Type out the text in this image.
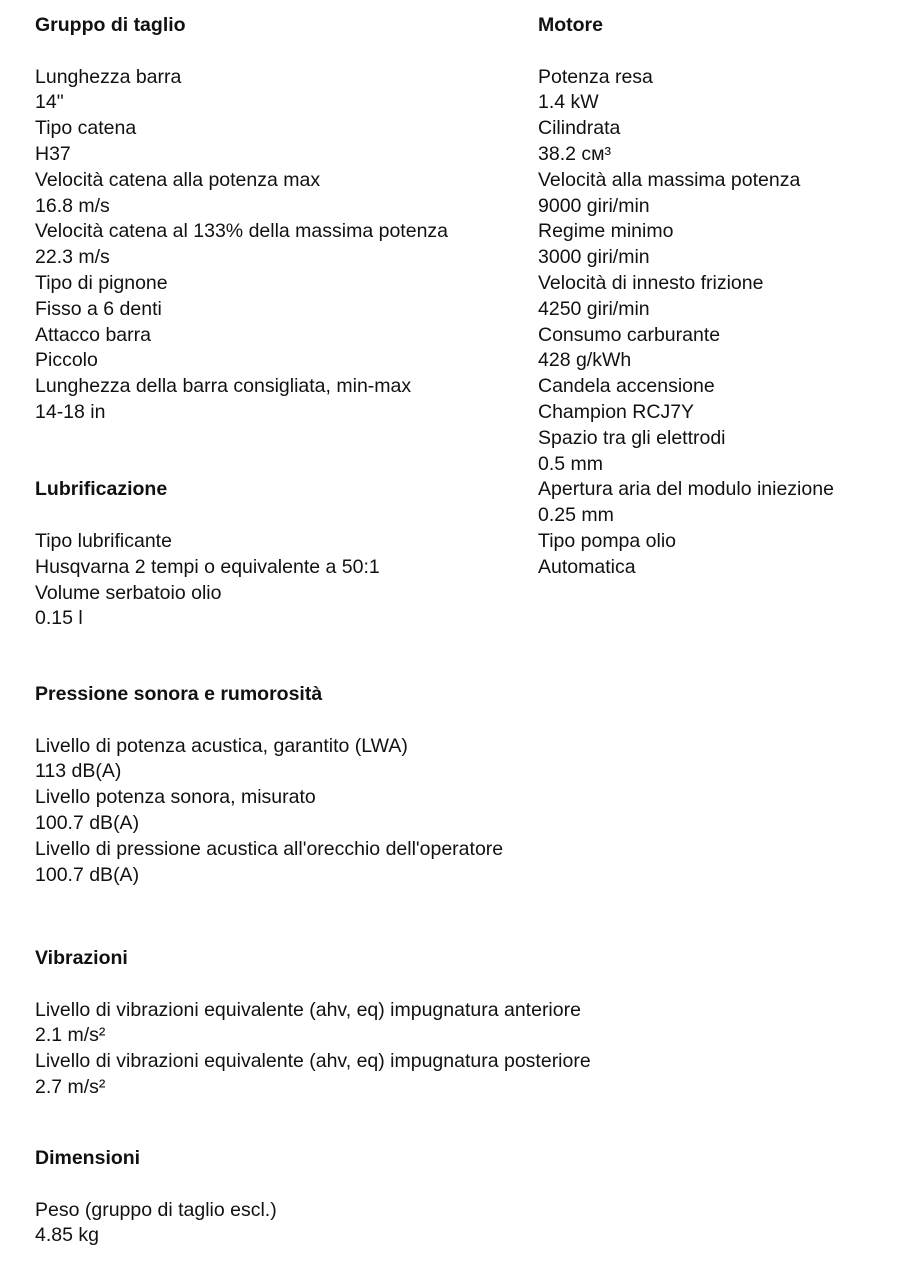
Gruppo di taglio
Lunghezza barra
14"
Tipo catena
H37
Velocità catena alla potenza max
16.8 m/s
Velocità catena al 133% della massima potenza
22.3 m/s
Tipo di pignone
Fisso a 6 denti
Attacco barra
Piccolo
Lunghezza della barra consigliata, min-max
14-18 in
Lubrificazione
Tipo lubrificante
Husqvarna 2 tempi o equivalente a 50:1
Volume serbatoio olio
0.15 l
Motore
Potenza resa
1.4 kW
Cilindrata
38.2 см³
Velocità alla massima potenza
9000 giri/min
Regime minimo
3000 giri/min
Velocità di innesto frizione
4250 giri/min
Consumo carburante
428 g/kWh
Candela accensione
Champion RCJ7Y
Spazio tra gli elettrodi
0.5 mm
Apertura aria del modulo iniezione
0.25 mm
Tipo pompa olio
Automatica
Pressione sonora e rumorosità
Livello di potenza acustica, garantito (LWA)
113 dB(A)
Livello potenza sonora, misurato
100.7 dB(A)
Livello di pressione acustica all'orecchio dell'operatore
100.7 dB(A)
Vibrazioni
Livello di vibrazioni equivalente (ahv, eq) impugnatura anteriore
2.1 m/s²
Livello di vibrazioni equivalente (ahv, eq) impugnatura posteriore
2.7 m/s²
Dimensioni
Peso (gruppo di taglio escl.)
4.85 kg
